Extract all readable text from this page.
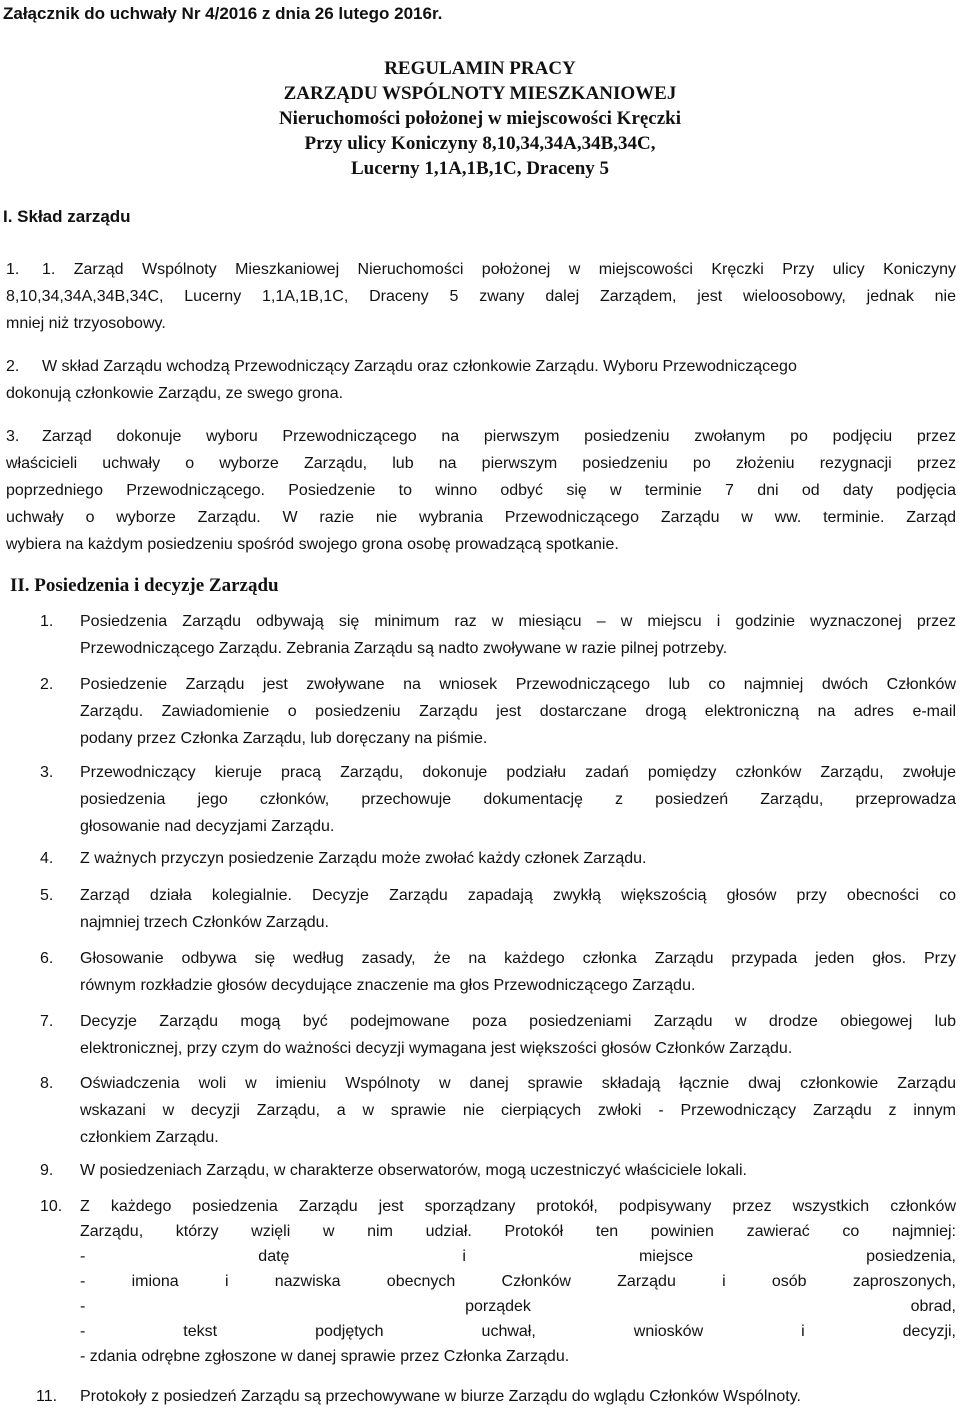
Załącznik do uchwały Nr 4/2016 z dnia 26 lutego 2016r.
REGULAMIN PRACY
ZARZĄDU WSPÓLNOTY MIESZKANIOWEJ
Nieruchomości położonej w miejscowości Kręczki
Przy ulicy Koniczyny 8,10,34,34A,34B,34C,
Lucerny 1,1A,1B,1C, Draceny 5
I. Skład zarządu
1. 1. Zarząd Wspólnoty Mieszkaniowej Nieruchomości położonej w miejscowości Kręczki Przy ulicy Koniczyny
8,10,34,34A,34B,34C, Lucerny 1,1A,1B,1C, Draceny 5 zwany dalej Zarządem, jest wieloosobowy, jednak nie
mniej niż trzyosobowy.
2. W skład Zarządu wchodzą Przewodniczący Zarządu oraz członkowie Zarządu. Wyboru Przewodniczącego
dokonują członkowie Zarządu, ze swego grona.
3. Zarząd dokonuje wyboru Przewodniczącego na pierwszym posiedzeniu zwołanym po podjęciu przez
właścicieli uchwały o wyborze Zarządu, lub na pierwszym posiedzeniu po złożeniu rezygnacji przez
poprzedniego Przewodniczącego. Posiedzenie to winno odbyć się w terminie 7 dni od daty podjęcia
uchwały o wyborze Zarządu. W razie nie wybrania Przewodniczącego Zarządu w ww. terminie. Zarząd
wybiera na każdym posiedzeniu spośród swojego grona osobę prowadzącą spotkanie.
II. Posiedzenia i decyzje Zarządu
1. Posiedzenia Zarządu odbywają się minimum raz w miesiącu – w miejscu i godzinie wyznaczonej przez
Przewodniczącego Zarządu. Zebrania Zarządu są nadto zwoływane w razie pilnej potrzeby.
2. Posiedzenie Zarządu jest zwoływane na wniosek Przewodniczącego lub co najmniej dwóch Członków
Zarządu. Zawiadomienie o posiedzeniu Zarządu jest dostarczane drogą elektroniczną na adres e-mail
podany przez Członka Zarządu, lub doręczany na piśmie.
3. Przewodniczący kieruje pracą Zarządu, dokonuje podziału zadań pomiędzy członków Zarządu, zwołuje
posiedzenia jego członków, przechowuje dokumentację z posiedzeń Zarządu, przeprowadza
głosowanie nad decyzjami Zarządu.
4. Z ważnych przyczyn posiedzenie Zarządu może zwołać każdy członek Zarządu.
5. Zarząd działa kolegialnie. Decyzje Zarządu zapadają zwykłą większością głosów przy obecności co
najmniej trzech Członków Zarządu.
6. Głosowanie odbywa się według zasady, że na każdego członka Zarządu przypada jeden głos. Przy
równym rozkładzie głosów decydujące znaczenie ma głos Przewodniczącego Zarządu.
7. Decyzje Zarządu mogą być podejmowane poza posiedzeniami Zarządu w drodze obiegowej lub
elektronicznej, przy czym do ważności decyzji wymagana jest większości głosów Członków Zarządu.
8. Oświadczenia woli w imieniu Wspólnoty w danej sprawie składają łącznie dwaj członkowie Zarządu
wskazani w decyzji Zarządu, a w sprawie nie cierpiących zwłoki - Przewodniczący Zarządu z innym
członkiem Zarządu.
9. W posiedzeniach Zarządu, w charakterze obserwatorów, mogą uczestniczyć właściciele lokali.
10. Z każdego posiedzenia Zarządu jest sporządzany protokół, podpisywany przez wszystkich członków
Zarządu, którzy wzięli w nim udział. Protokół ten powinien zawierać co najmniej:
- datę i miejsce posiedzenia,
- imiona i nazwiska obecnych Członków Zarządu i osób zaproszonych,
- porządek obrad,
- tekst podjętych uchwał, wniosków i decyzji,
- zdania odrębne zgłoszone w danej sprawie przez Członka Zarządu.
11. Protokoły z posiedzeń Zarządu są przechowywane w biurze Zarządu do wglądu Członków Wspólnoty.
